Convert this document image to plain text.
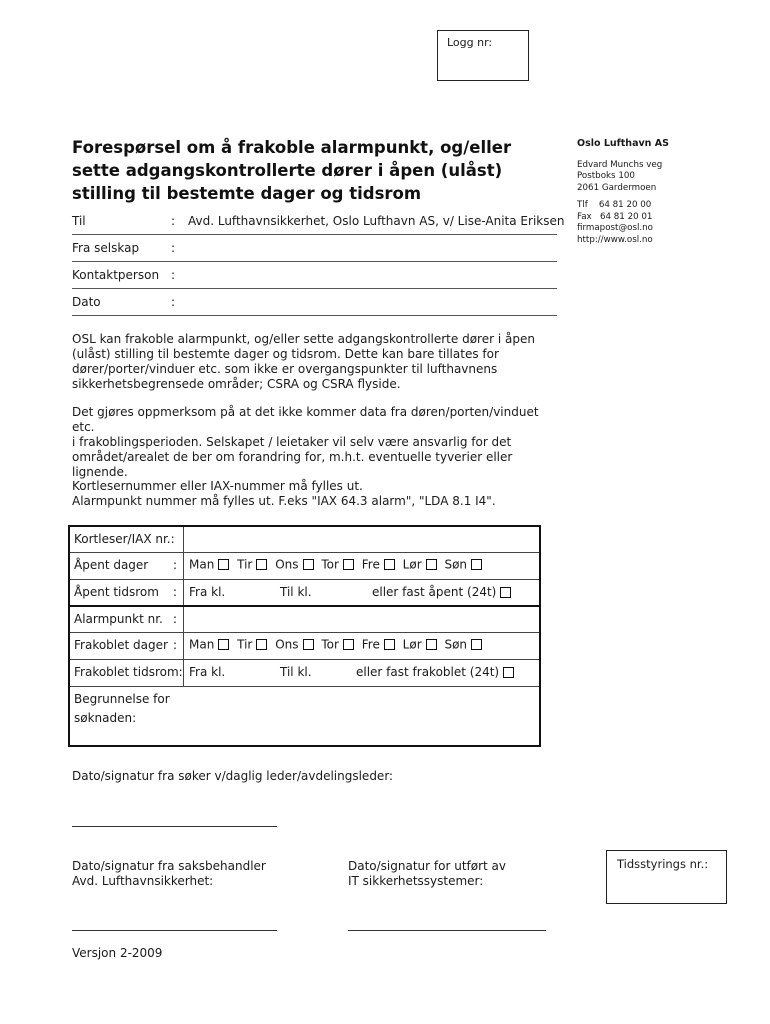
Logg nr:
Forespørsel om å frakoble alarmpunkt, og/eller sette adgangskontrollerte dører i åpen (ulåst) stilling til bestemte dager og tidsrom
Oslo Lufthavn AS
Edvard Munchs veg
Postboks 100
2061 Gardermoen
Tlf    64 81 20 00
Fax   64 81 20 01
firmapost@osl.no
http://www.osl.no
Til	: Avd. Lufthavnsikkerhet, Oslo Lufthavn AS, v/ Lise-Anita Eriksen
Fra selskap	:
Kontaktperson :
Dato	:
OSL kan frakoble alarmpunkt, og/eller sette adgangskontrollerte dører i åpen
(ulåst) stilling til bestemte dager og tidsrom. Dette kan bare tillates for
dører/porter/vinduer etc. som ikke er overgangspunkter til lufthavnens
sikkerhetsbegrensede områder; CSRA og CSRA flyside.
Det gjøres oppmerksom på at det ikke kommer data fra døren/porten/vinduet etc.
i frakoblingsperioden. Selskapet / leietaker vil selv være ansvarlig for det
området/arealet de ber om forandring for, m.h.t. eventuelle tyverier eller
lignende.
Kortlesernummer eller IAX-nummer må fylles ut.
Alarmpunkt nummer må fylles ut. F.eks "IAX 64.3 alarm", "LDA 8.1 I4".
Kortleser/IAX nr.:
Åpent dager : Man Tir Ons Tor Fre Lør Søn
Åpent tidsrom : Fra kl.	Til kl.	eller fast åpent (24t)
Alarmpunkt nr. :
Frakoblet dager : Man Tir Ons Tor Fre Lør Søn
Frakoblet tidsrom: Fra kl.	Til kl.	eller fast frakoblet (24t)
Begrunnelse for
søknaden:
Dato/signatur fra søker v/daglig leder/avdelingsleder:
Dato/signatur fra saksbehandler
Avd. Lufthavnsikkerhet:
Dato/signatur for utført av
IT sikkerhetssystemer:
Tidsstyrings nr.:
Versjon 2-2009
